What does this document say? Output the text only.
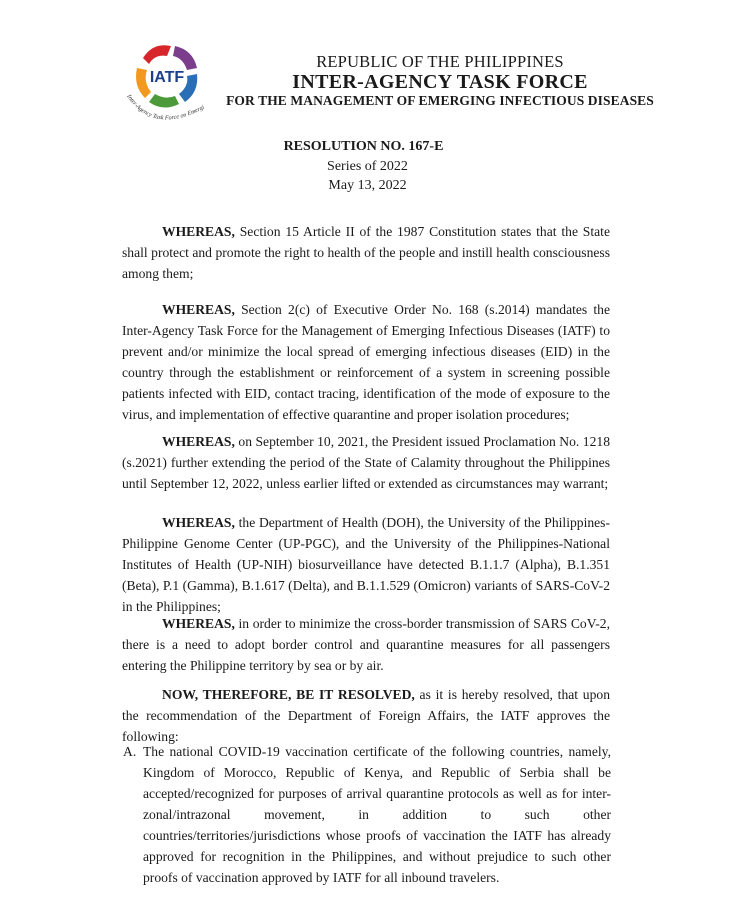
IATF
Inter-Agency Task Force on Emergi
REPUBLIC OF THE PHILIPPINES
INTER-AGENCY TASK FORCE
FOR THE MANAGEMENT OF EMERGING INFECTIOUS DISEASES
RESOLUTION NO. 167-E
Series of 2022
May 13, 2022
WHEREAS, Section 15 Article II of the 1987 Constitution states that the State shall protect and promote the right to health of the people and instill health consciousness among them;
WHEREAS, Section 2(c) of Executive Order No. 168 (s.2014) mandates the Inter-Agency Task Force for the Management of Emerging Infectious Diseases (IATF) to prevent and/or minimize the local spread of emerging infectious diseases (EID) in the country through the establishment or reinforcement of a system in screening possible patients infected with EID, contact tracing, identification of the mode of exposure to the virus, and implementation of effective quarantine and proper isolation procedures;
WHEREAS, on September 10, 2021, the President issued Proclamation No. 1218 (s.2021) further extending the period of the State of Calamity throughout the Philippines until September 12, 2022, unless earlier lifted or extended as circumstances may warrant;
WHEREAS, the Department of Health (DOH), the University of the Philippines-Philippine Genome Center (UP-PGC), and the University of the Philippines-National Institutes of Health (UP-NIH) biosurveillance have detected B.1.1.7 (Alpha), B.1.351 (Beta), P.1 (Gamma), B.1.617 (Delta), and B.1.1.529 (Omicron) variants of SARS-CoV-2 in the Philippines;
WHEREAS, in order to minimize the cross-border transmission of SARS CoV-2, there is a need to adopt border control and quarantine measures for all passengers entering the Philippine territory by sea or by air.
NOW, THEREFORE, BE IT RESOLVED, as it is hereby resolved, that upon the recommendation of the Department of Foreign Affairs, the IATF approves the following:
A. The national COVID-19 vaccination certificate of the following countries, namely, Kingdom of Morocco, Republic of Kenya, and Republic of Serbia shall be accepted/recognized for purposes of arrival quarantine protocols as well as for inter-zonal/intrazonal movement, in addition to such other countries/territories/jurisdictions whose proofs of vaccination the IATF has already approved for recognition in the Philippines, and without prejudice to such other proofs of vaccination approved by IATF for all inbound travelers.
